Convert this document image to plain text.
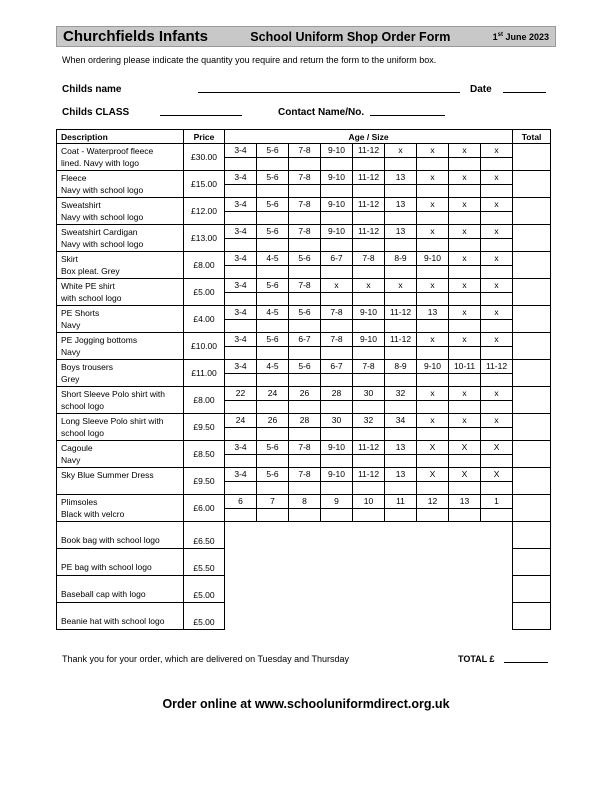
Churchfields Infants	School Uniform Shop Order Form	1st June 2023
When ordering please indicate the quantity you require and return the form to the uniform box.
Childs name	Date
Childs CLASS	Contact Name/No.
Description	Price	Age / Size									Total

Coat - Waterproof fleece
lined. Navy with logo	£30.00	3-4	5-6	7-8	9-10	11-12	x	x	x	x	

Fleece
Navy with school logo	£15.00	3-4	5-6	7-8	9-10	11-12	13	x	x	x	

Sweatshirt
Navy with school logo	£12.00	3-4	5-6	7-8	9-10	11-12	13	x	x	x	

Sweatshirt Cardigan
Navy with school logo	£13.00	3-4	5-6	7-8	9-10	11-12	13	x	x	x	

Skirt
Box pleat. Grey	£8.00	3-4	4-5	5-6	6-7	7-8	8-9	9-10	x	x	

White PE shirt
with school logo	£5.00	3-4	5-6	7-8	x	x	x	x	x	x	

PE Shorts
Navy	£4.00	3-4	4-5	5-6	7-8	9-10	11-12	13	x	x	

PE Jogging bottoms
Navy	£10.00	3-4	5-6	6-7	7-8	9-10	11-12	x	x	x	

Boys trousers
Grey	£11.00	3-4	4-5	5-6	6-7	7-8	8-9	9-10	10-11	11-12	

Short Sleeve Polo shirt with
school logo	£8.00	22	24	26	28	30	32	x	x	x	

Long Sleeve Polo shirt with
school logo	£9.50	24	26	28	30	32	34	x	x	x	

Cagoule
Navy	£8.50	3-4	5-6	7-8	9-10	11-12	13	X	X	X	

Sky Blue Summer Dress	£9.50	3-4	5-6	7-8	9-10	11-12	13	X	X	X	

Plimsoles
Black with velcro	£6.00	6	7	8	9	10	11	12	13	1	

Book bag with school logo	£6.50										
PE bag with school logo	£5.50										
Baseball cap with logo	£5.00										
Beanie hat with school logo	£5.00										
Thank you for your order, which are delivered on Tuesday and Thursday	TOTAL £
Order online at www.schooluniformdirect.org.uk
